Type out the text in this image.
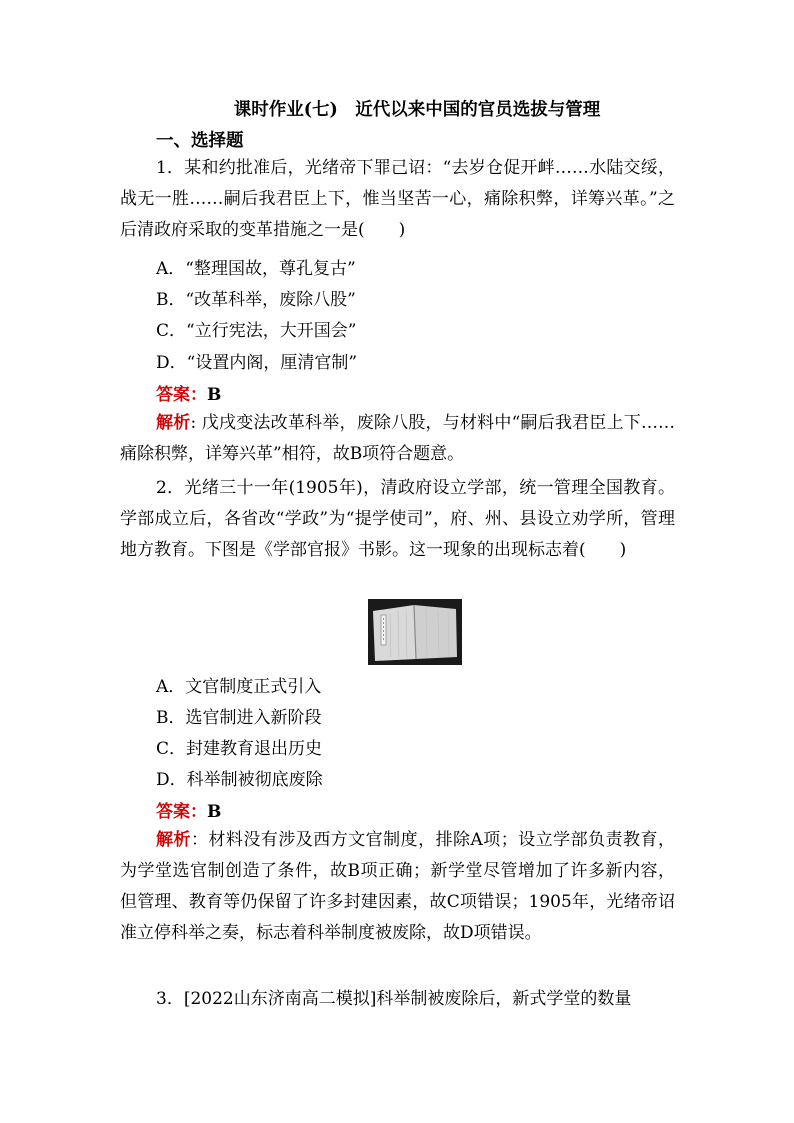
课时作业(七)　近代以来中国的官员选拔与管理
一、选择题
1．某和约批准后，光绪帝下罪己诏：“去岁仓促开衅……水陆交绥，战无一胜……嗣后我君臣上下，惟当坚苦一心，痛除积弊，详筹兴革。”之后清政府采取的变革措施之一是(　　)
A．“整理国故，尊孔复古”
B．“改革科举，废除八股”
C．“立行宪法，大开国会”
D．“设置内阁，厘清官制”
答案：B
解析: 戊戌变法改革科举，废除八股，与材料中“嗣后我君臣上下……痛除积弊，详筹兴革”相符，故B项符合题意。
2．光绪三十一年(1905年)，清政府设立学部，统一管理全国教育。学部成立后，各省改“学政”为“提学使司”，府、州、县设立劝学所，管理地方教育。下图是《学部官报》书影。这一现象的出现标志着(　　)
A．文官制度正式引入
B．选官制进入新阶段
C．封建教育退出历史
D．科举制被彻底废除
答案：B
解析：材料没有涉及西方文官制度，排除A项；设立学部负责教育，为学堂选官制创造了条件，故B项正确；新学堂尽管增加了许多新内容，但管理、教育等仍保留了许多封建因素，故C项错误；1905年，光绪帝诏准立停科举之奏，标志着科举制度被废除，故D项错误。
3．[2022山东济南高二模拟]科举制被废除后，新式学堂的数量
